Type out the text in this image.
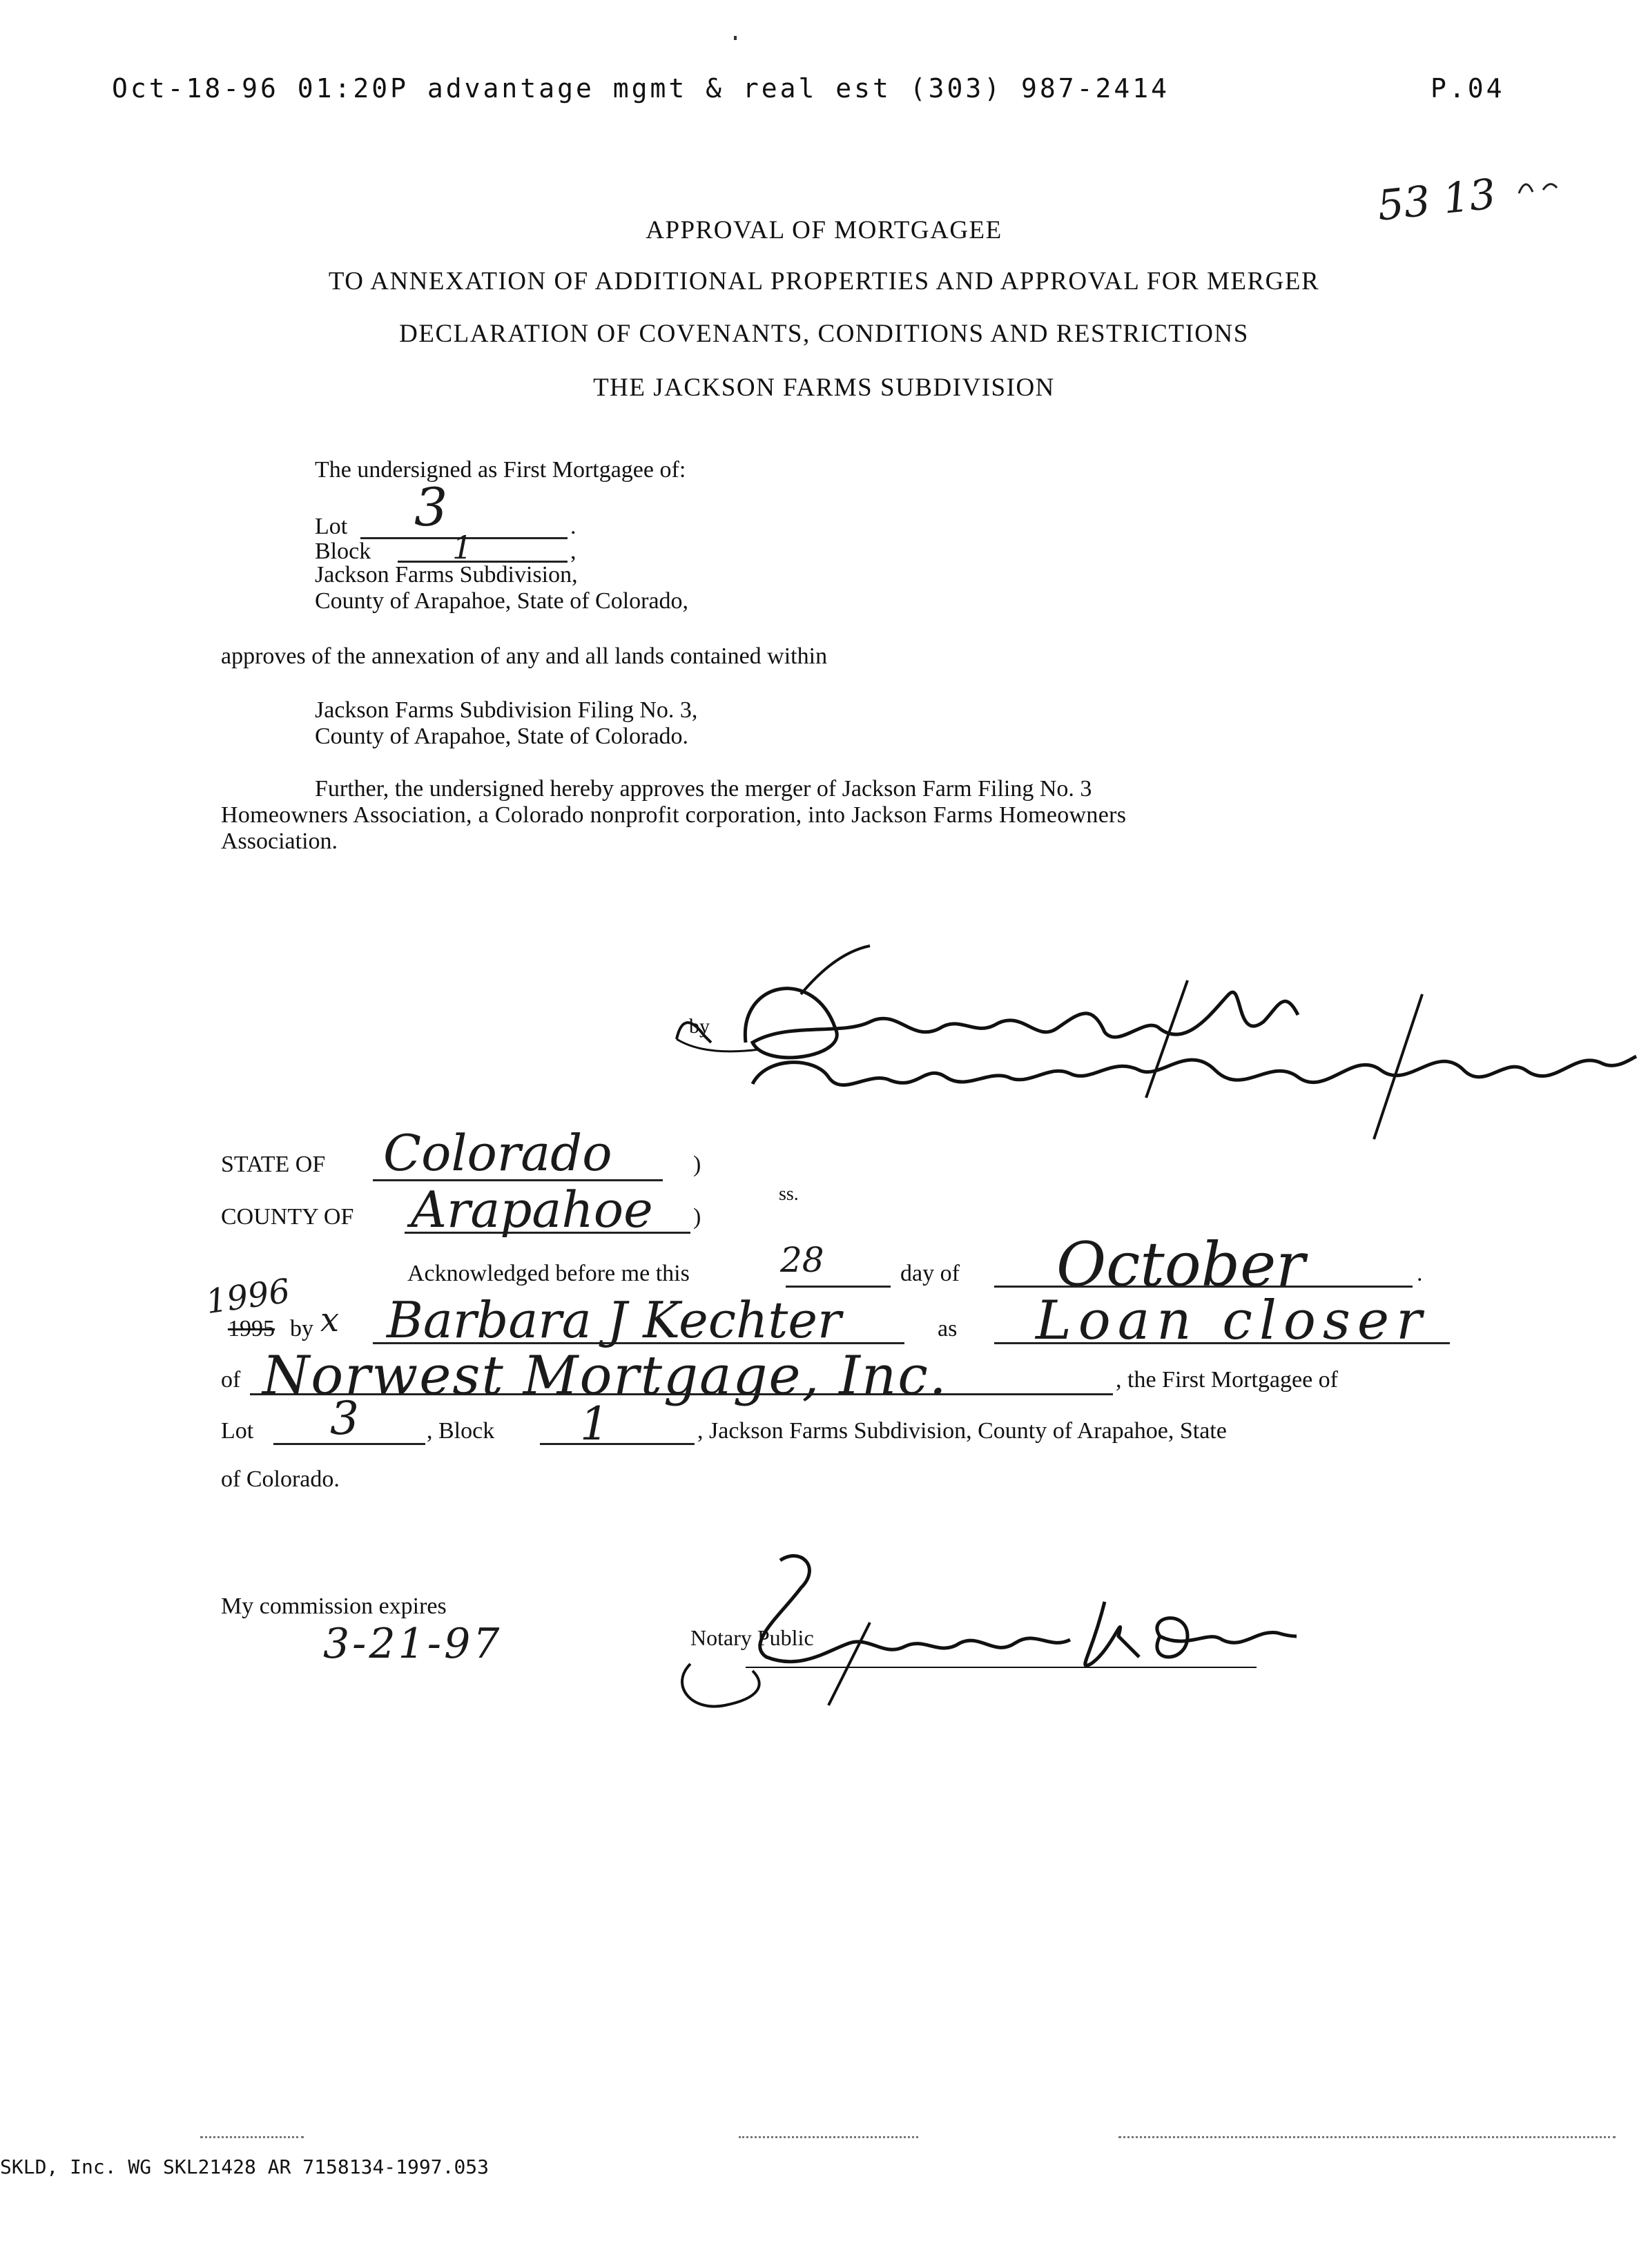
Oct-18-96 01:20P advantage mgmt & real est (303) 987-2414	P.04
53 13
APPROVAL OF MORTGAGEE
TO ANNEXATION OF ADDITIONAL PROPERTIES AND APPROVAL FOR MERGER
DECLARATION OF COVENANTS, CONDITIONS AND RESTRICTIONS
THE JACKSON FARMS SUBDIVISION
The undersigned as First Mortgagee of:
Lot	.
3
Block	,
1
Jackson Farms Subdivision,
County of Arapahoe, State of Colorado,
approves of the annexation of any and all lands contained within
Jackson Farms Subdivision Filing No. 3,
County of Arapahoe, State of Colorado.
Further, the undersigned hereby approves the merger of Jackson Farm Filing No. 3
Homeowners Association, a Colorado nonprofit corporation, into Jackson Farms Homeowners
Association.
by
STATE OF Colorado	)
ss.
COUNTY OF Arapahoe )
Acknowledged before me this	28	day of October	.
1996
1995 by x Barbara J Kechter	as Loan closer
of Norwest Mortgage, Inc.	, the First Mortgagee of
Lot 3	, Block 1	, Jackson Farms Subdivision, County of Arapahoe, State
of Colorado.
My commission expires
3-21-97	Notary Public
SKLD, Inc. WG SKL21428 AR 7158134-1997.053
